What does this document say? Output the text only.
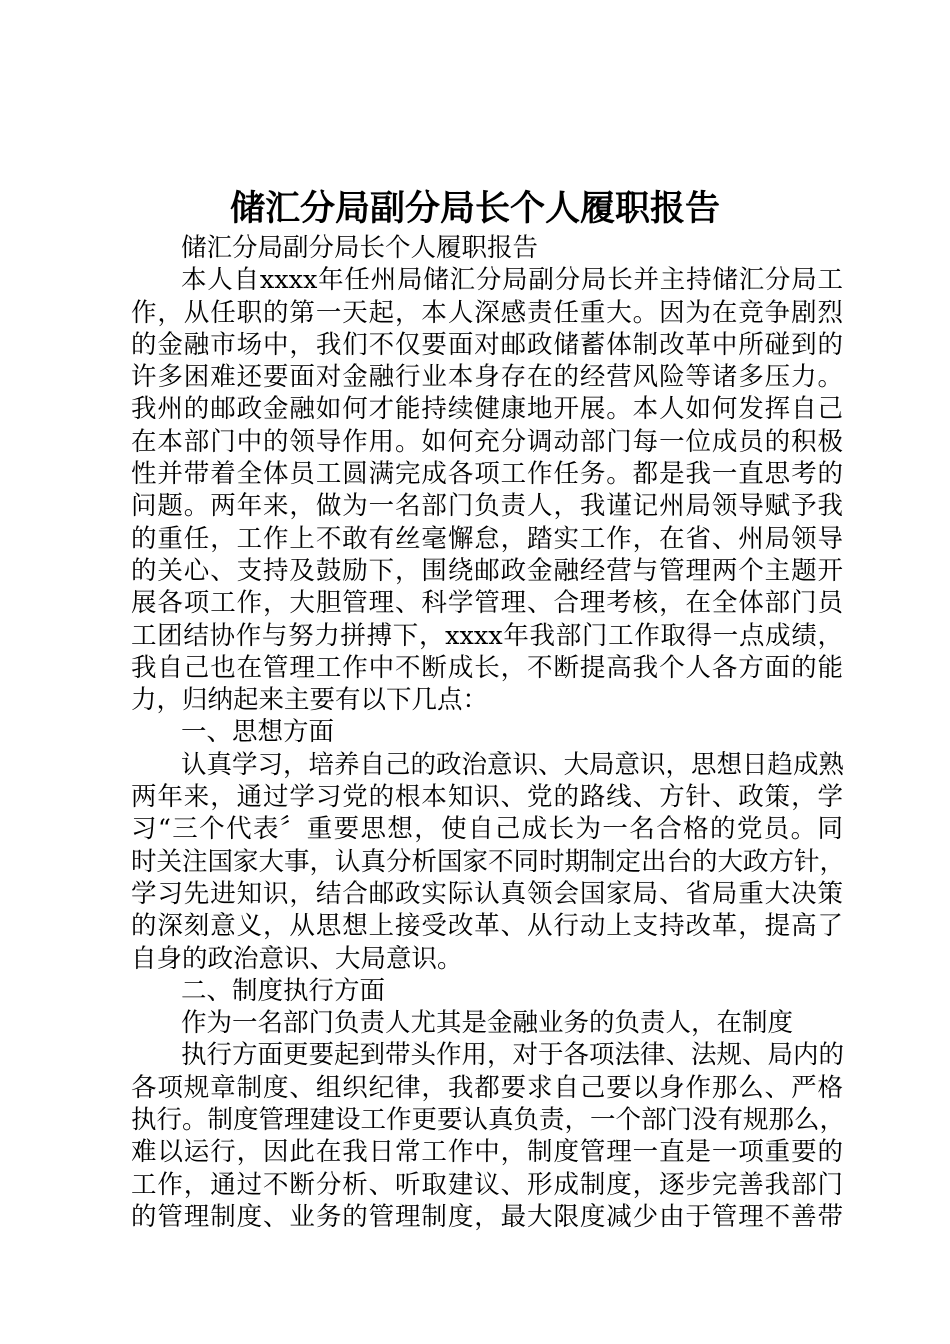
储汇分局副分局长个人履职报告
储汇分局副分局长个人履职报告
本人自xxxx年任州局储汇分局副分局长并主持储汇分局工
作，从任职的第一天起，本人深感责任重大。因为在竞争剧烈
的金融市场中，我们不仅要面对邮政储蓄体制改革中所碰到的
许多困难还要面对金融行业本身存在的经营风险等诸多压力。
我州的邮政金融如何才能持续健康地开展。本人如何发挥自己
在本部门中的领导作用。如何充分调动部门每一位成员的积极
性并带着全体员工圆满完成各项工作任务。都是我一直思考的
问题。两年来，做为一名部门负责人，我谨记州局领导赋予我
的重任，工作上不敢有丝毫懈怠，踏实工作，在省、州局领导
的关心、支持及鼓励下，围绕邮政金融经营与管理两个主题开
展各项工作，大胆管理、科学管理、合理考核，在全体部门员
工团结协作与努力拼搏下，xxxx年我部门工作取得一点成绩，
我自己也在管理工作中不断成长，不断提高我个人各方面的能
力，归纳起来主要有以下几点：
一、思想方面
认真学习，培养自己的政治意识、大局意识，思想日趋成熟
两年来，通过学习党的根本知识、党的路线、方针、政策，学
习“三个代表〞重要思想，使自己成长为一名合格的党员。同
时关注国家大事，认真分析国家不同时期制定出台的大政方针，
学习先进知识，结合邮政实际认真领会国家局、省局重大决策
的深刻意义，从思想上接受改革、从行动上支持改革，提高了
自身的政治意识、大局意识。
二、制度执行方面
作为一名部门负责人尤其是金融业务的负责人，在制度
执行方面更要起到带头作用，对于各项法律、法规、局内的
各项规章制度、组织纪律，我都要求自己要以身作那么、严格
执行。制度管理建设工作更要认真负责，一个部门没有规那么，
难以运行，因此在我日常工作中，制度管理一直是一项重要的
工作，通过不断分析、听取建议、形成制度，逐步完善我部门
的管理制度、业务的管理制度，最大限度减少由于管理不善带
